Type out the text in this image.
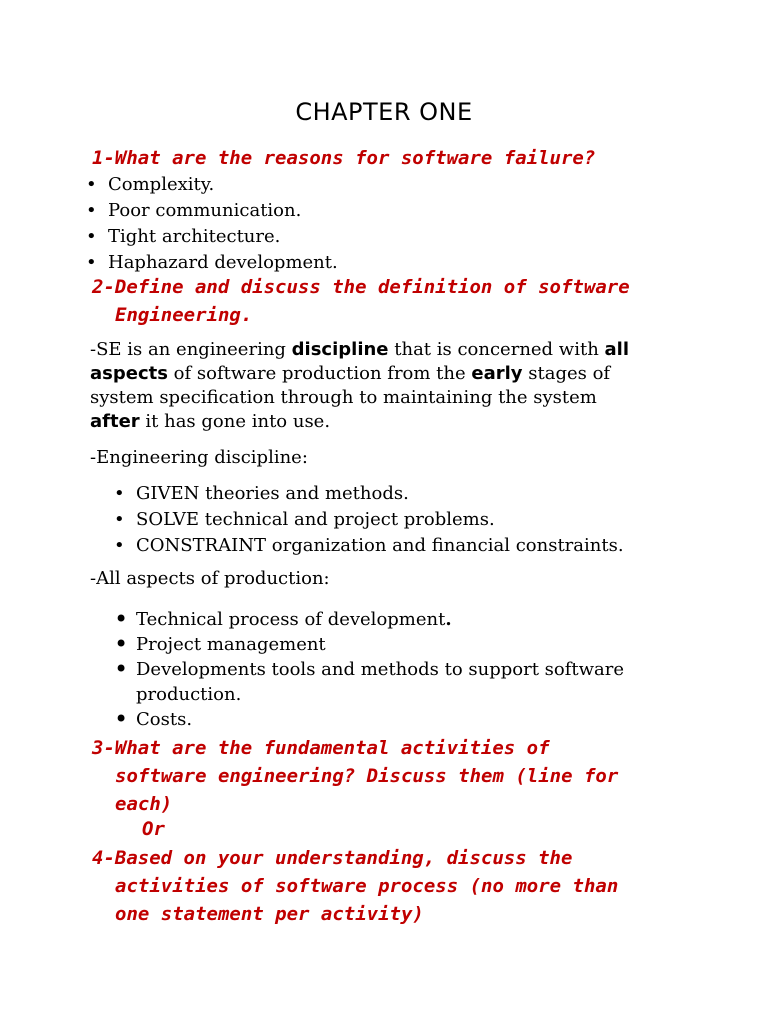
CHAPTER ONE
1-What are the reasons for software failure?
• Complexity.
• Poor communication.
• Tight architecture.
• Haphazard development.
2-Define and discuss the definition of software
Engineering.
-SE is an engineering discipline that is concerned with all
aspects of software production from the early stages of
system specification through to maintaining the system
after it has gone into use.
-Engineering discipline:
• GIVEN theories and methods.
• SOLVE technical and project problems.
• CONSTRAINT organization and financial constraints.
-All aspects of production:
• Technical process of development.
• Project management
• Developments tools and methods to support software
production.
• Costs.
3-What are the fundamental activities of
software engineering? Discuss them (line for
each)
Or
4-Based on your understanding, discuss the
activities of software process (no more than
one statement per activity)
